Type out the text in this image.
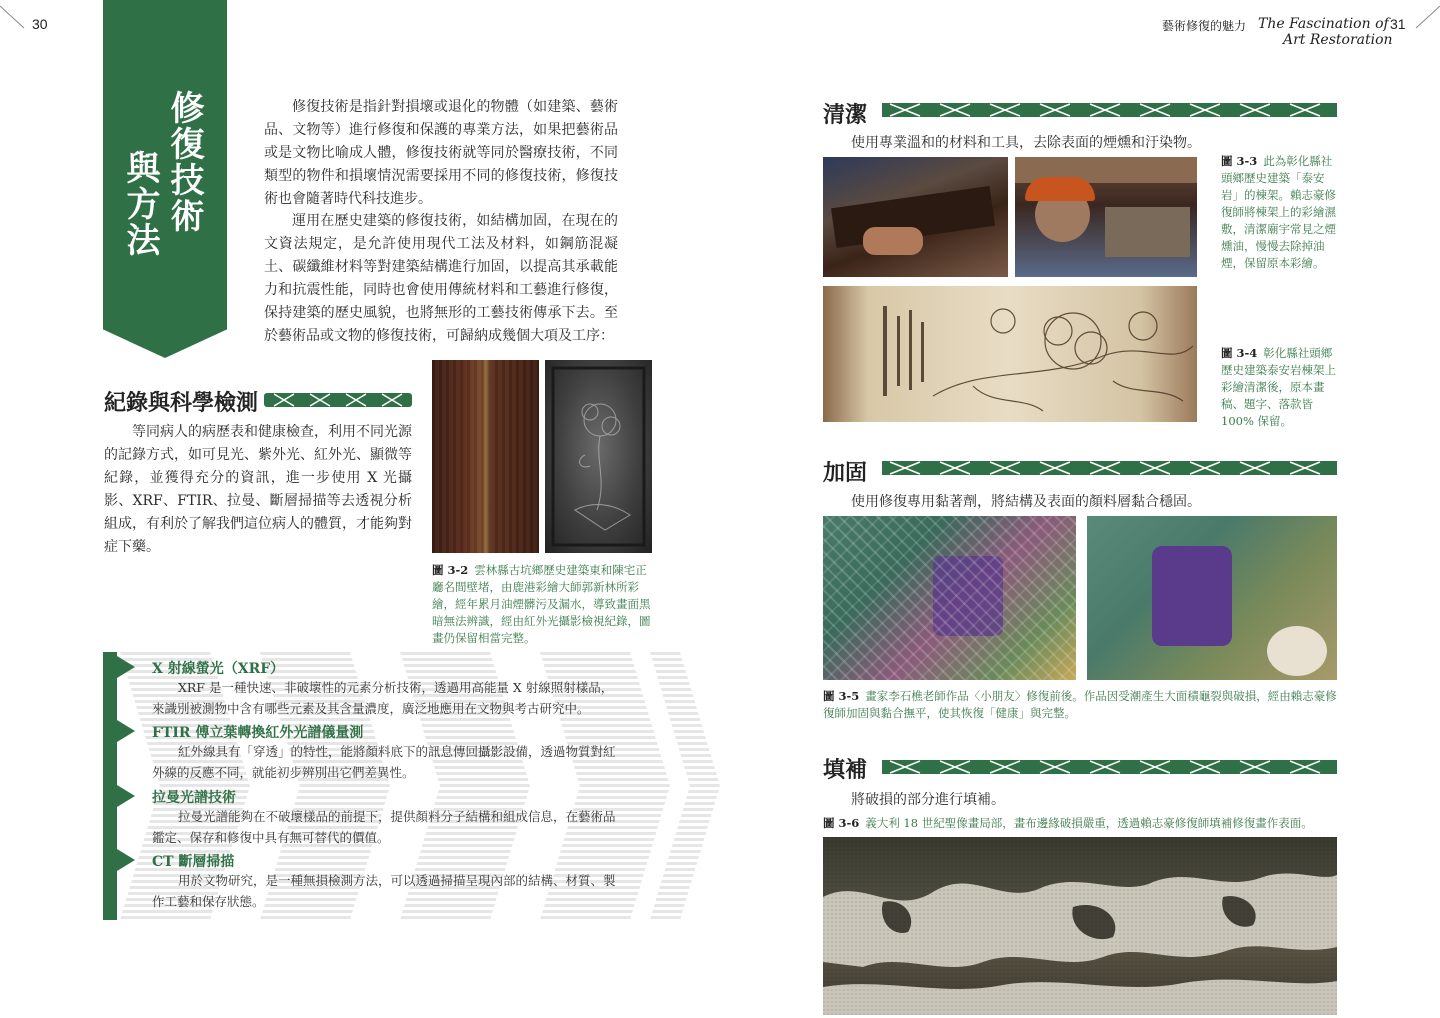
30	藝術修復的魅力 The Fascination of
Art Restoration
31
修復技術
與方法
修復技術是指針對損壞或退化的物體（如建築、藝術品、文物等）進行修復和保護的專業方法，如果把藝術品或是文物比喻成人體，修復技術就等同於醫療技術，不同類型的物件和損壞情況需要採用不同的修復技術，修復技術也會隨著時代科技進步。
運用在歷史建築的修復技術，如結構加固，在現在的文資法規定，是允許使用現代工法及材料，如鋼筋混凝土、碳纖維材料等對建築結構進行加固，以提高其承載能力和抗震性能，同時也會使用傳統材料和工藝進行修復，保持建築的歷史風貌，也將無形的工藝技術傳承下去。至於藝術品或文物的修復技術，可歸納成幾個大項及工序：
紀錄與科學檢測
等同病人的病歷表和健康檢查，利用不同光源的記錄方式，如可見光、紫外光、紅外光、顯微等紀錄，並獲得充分的資訊，進一步使用 X 光攝影、XRF、FTIR、拉曼、斷層掃描等去透視分析組成，有利於了解我們這位病人的體質，才能夠對症下藥。
圖 3-2 雲林縣古坑鄉歷史建築東和陳宅正廳名間壁堵，由鹿港彩繪大師郭新林所彩繪，經年累月油煙髒污及漏水，導致畫面黑暗無法辨識，經由紅外光攝影檢視紀錄，圖畫仍保留相當完整。
X 射線螢光（XRF）
XRF 是一種快速、非破壞性的元素分析技術，透過用高能量 X 射線照射樣品，來識別被測物中含有哪些元素及其含量濃度，廣泛地應用在文物與考古研究中。
FTIR 傅立葉轉換紅外光譜儀量測
紅外線具有「穿透」的特性，能將顏料底下的訊息傳回攝影設備，透過物質對紅外線的反應不同，就能初步辨別出它們差異性。
拉曼光譜技術
拉曼光譜能夠在不破壞樣品的前提下，提供顏料分子結構和組成信息，在藝術品鑑定、保存和修復中具有無可替代的價值。
CT 斷層掃描
用於文物研究，是一種無損檢測方法，可以透過掃描呈現內部的結構、材質、製作工藝和保存狀態。
清潔
使用專業溫和的材料和工具，去除表面的煙燻和汙染物。
圖 3-3 此為彰化縣社頭鄉歷史建築「泰安岩」的棟架。賴志豪修復師將棟架上的彩繪濕敷，清潔廟宇常見之煙燻油，慢慢去除掉油煙，保留原本彩繪。
圖 3-4 彰化縣社頭鄉歷史建築泰安岩棟架上彩繪清潔後，原本畫稿、題字、落款皆 100% 保留。
加固
使用修復專用黏著劑，將結構及表面的顏料層黏合穩固。
圖 3-5 畫家李石樵老師作品〈小朋友〉修復前後。作品因受潮產生大面積龜裂與破損，經由賴志豪修復師加固與黏合撫平，使其恢復「健康」與完整。
填補
將破損的部分進行填補。
圖 3-6 義大利 18 世紀聖像畫局部，畫布邊緣破損嚴重，透過賴志豪修復師填補修復畫作表面。
